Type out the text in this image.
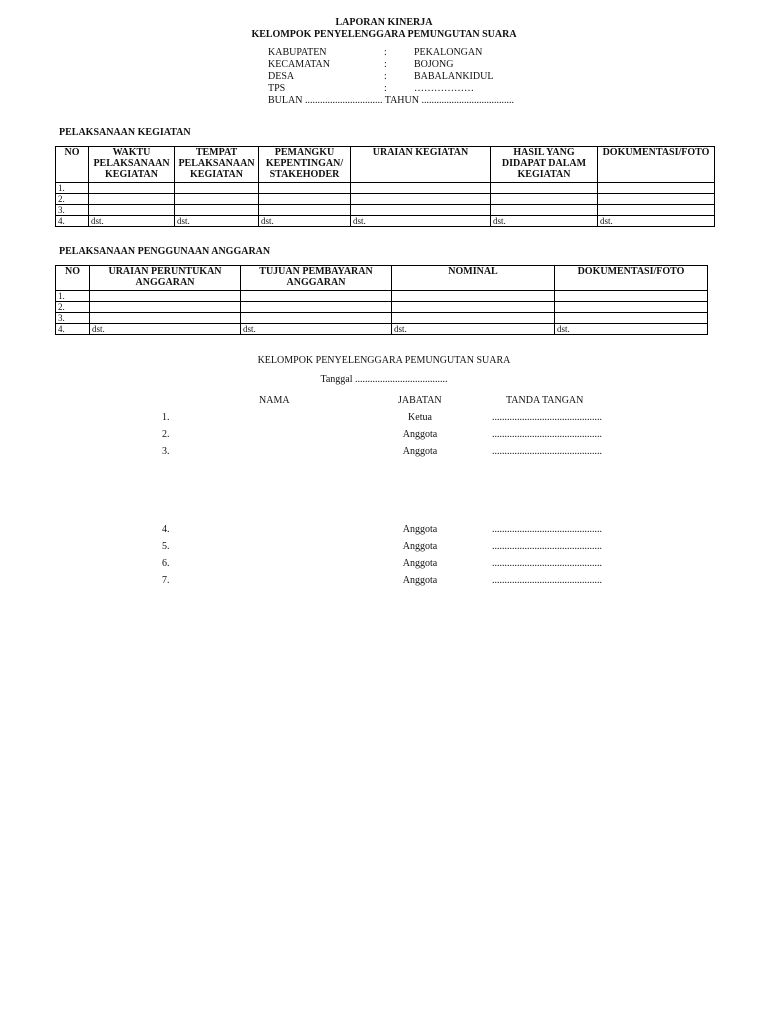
LAPORAN KINERJA
KELOMPOK PENYELENGGARA PEMUNGUTAN SUARA
KABUPATEN	:	PEKALONGAN
KECAMATAN	:	BOJONG
DESA	:	BABALANKIDUL
TPS	:	………………
BULAN ............................... TAHUN .....................................
PELAKSANAAN KEGIATAN
NO	WAKTU PELAKSANAAN KEGIATAN	TEMPAT PELAKSANAAN KEGIATAN	PEMANGKU KEPENTINGAN/ STAKEHODER	URAIAN KEGIATAN	HASIL YANG DIDAPAT DALAM KEGIATAN	DOKUMENTASI/FOTO
1.						
2.						
3.						
4.	dst.	dst.	dst.	dst.	dst.	dst.
PELAKSANAAN PENGGUNAAN ANGGARAN
NO	URAIAN PERUNTUKAN ANGGARAN	TUJUAN PEMBAYARAN ANGGARAN	NOMINAL	DOKUMENTASI/FOTO
1.				
2.				
3.				
4.	dst.	dst.	dst.	dst.
KELOMPOK PENYELENGGARA PEMUNGUTAN SUARA
Tanggal .....................................
NAMA	JABATAN	TANDA TANGAN
1.	Ketua	............................................
2.	Anggota	............................................
3.	Anggota	............................................
4.	Anggota	............................................
5.	Anggota	............................................
6.	Anggota	............................................
7.	Anggota	............................................
